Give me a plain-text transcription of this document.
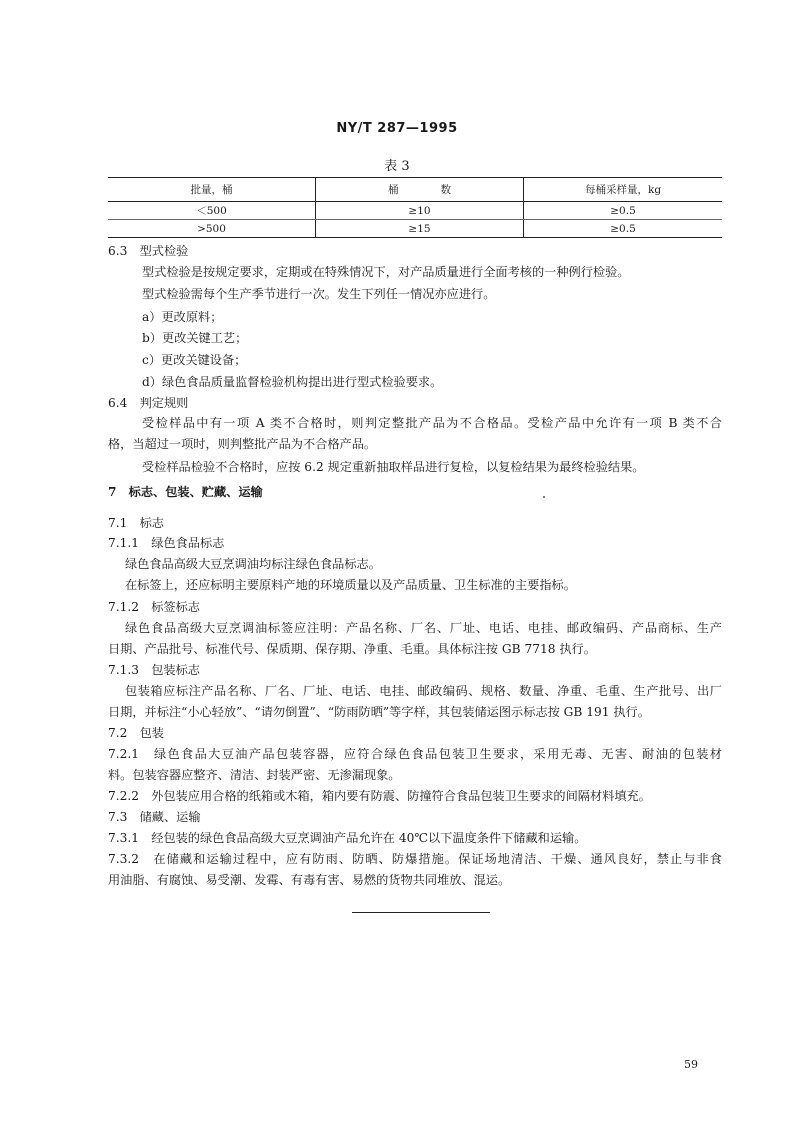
NY/T 287—1995
表 3
批量，桶	桶　　　　数	每桶采样量，kg
＜500	≥10	≥0.5
>500	≥15	≥0.5
6.3　型式检验
型式检验是按规定要求，定期或在特殊情况下，对产品质量进行全面考核的一种例行检验。
型式检验需每个生产季节进行一次。发生下列任一情况亦应进行。
a）更改原料；
b）更改关键工艺；
c）更改关键设备；
d）绿色食品质量监督检验机构提出进行型式检验要求。
6.4　判定规则
受检样品中有一项 A 类不合格时，则判定整批产品为不合格品。受检产品中允许有一项 B 类不合
格，当超过一项时，则判整批产品为不合格产品。
受检样品检验不合格时，应按 6.2 规定重新抽取样品进行复检，以复检结果为最终检验结果。
7　标志、包装、贮藏、运输
7.1　标志
7.1.1　绿色食品标志
绿色食品高级大豆烹调油均标注绿色食品标志。
在标签上，还应标明主要原料产地的环境质量以及产品质量、卫生标准的主要指标。
7.1.2　标签标志
绿色食品高级大豆烹调油标签应注明：产品名称、厂名、厂址、电话、电挂、邮政编码、产品商标、生产
日期、产品批号、标准代号、保质期、保存期、净重、毛重。具体标注按 GB 7718 执行。
7.1.3　包装标志
包装箱应标注产品名称、厂名、厂址、电话、电挂、邮政编码、规格、数量、净重、毛重、生产批号、出厂
日期，并标注“小心轻放”、“请勿倒置”、“防雨防晒”等字样，其包装储运图示标志按 GB 191 执行。
7.2　包装
7.2.1　绿色食品大豆油产品包装容器，应符合绿色食品包装卫生要求，采用无毒、无害、耐油的包装材
料。包装容器应整齐、清洁、封装严密、无渗漏现象。
7.2.2　外包装应用合格的纸箱或木箱，箱内要有防震、防撞符合食品包装卫生要求的间隔材料填充。
7.3　储藏、运输
7.3.1　经包装的绿色食品高级大豆烹调油产品允许在 40℃以下温度条件下储藏和运输。
7.3.2　在储藏和运输过程中，应有防雨、防晒、防爆措施。保证场地清洁、干燥、通风良好，禁止与非食
用油脂、有腐蚀、易受潮、发霉、有毒有害、易燃的货物共同堆放、混运。
59
